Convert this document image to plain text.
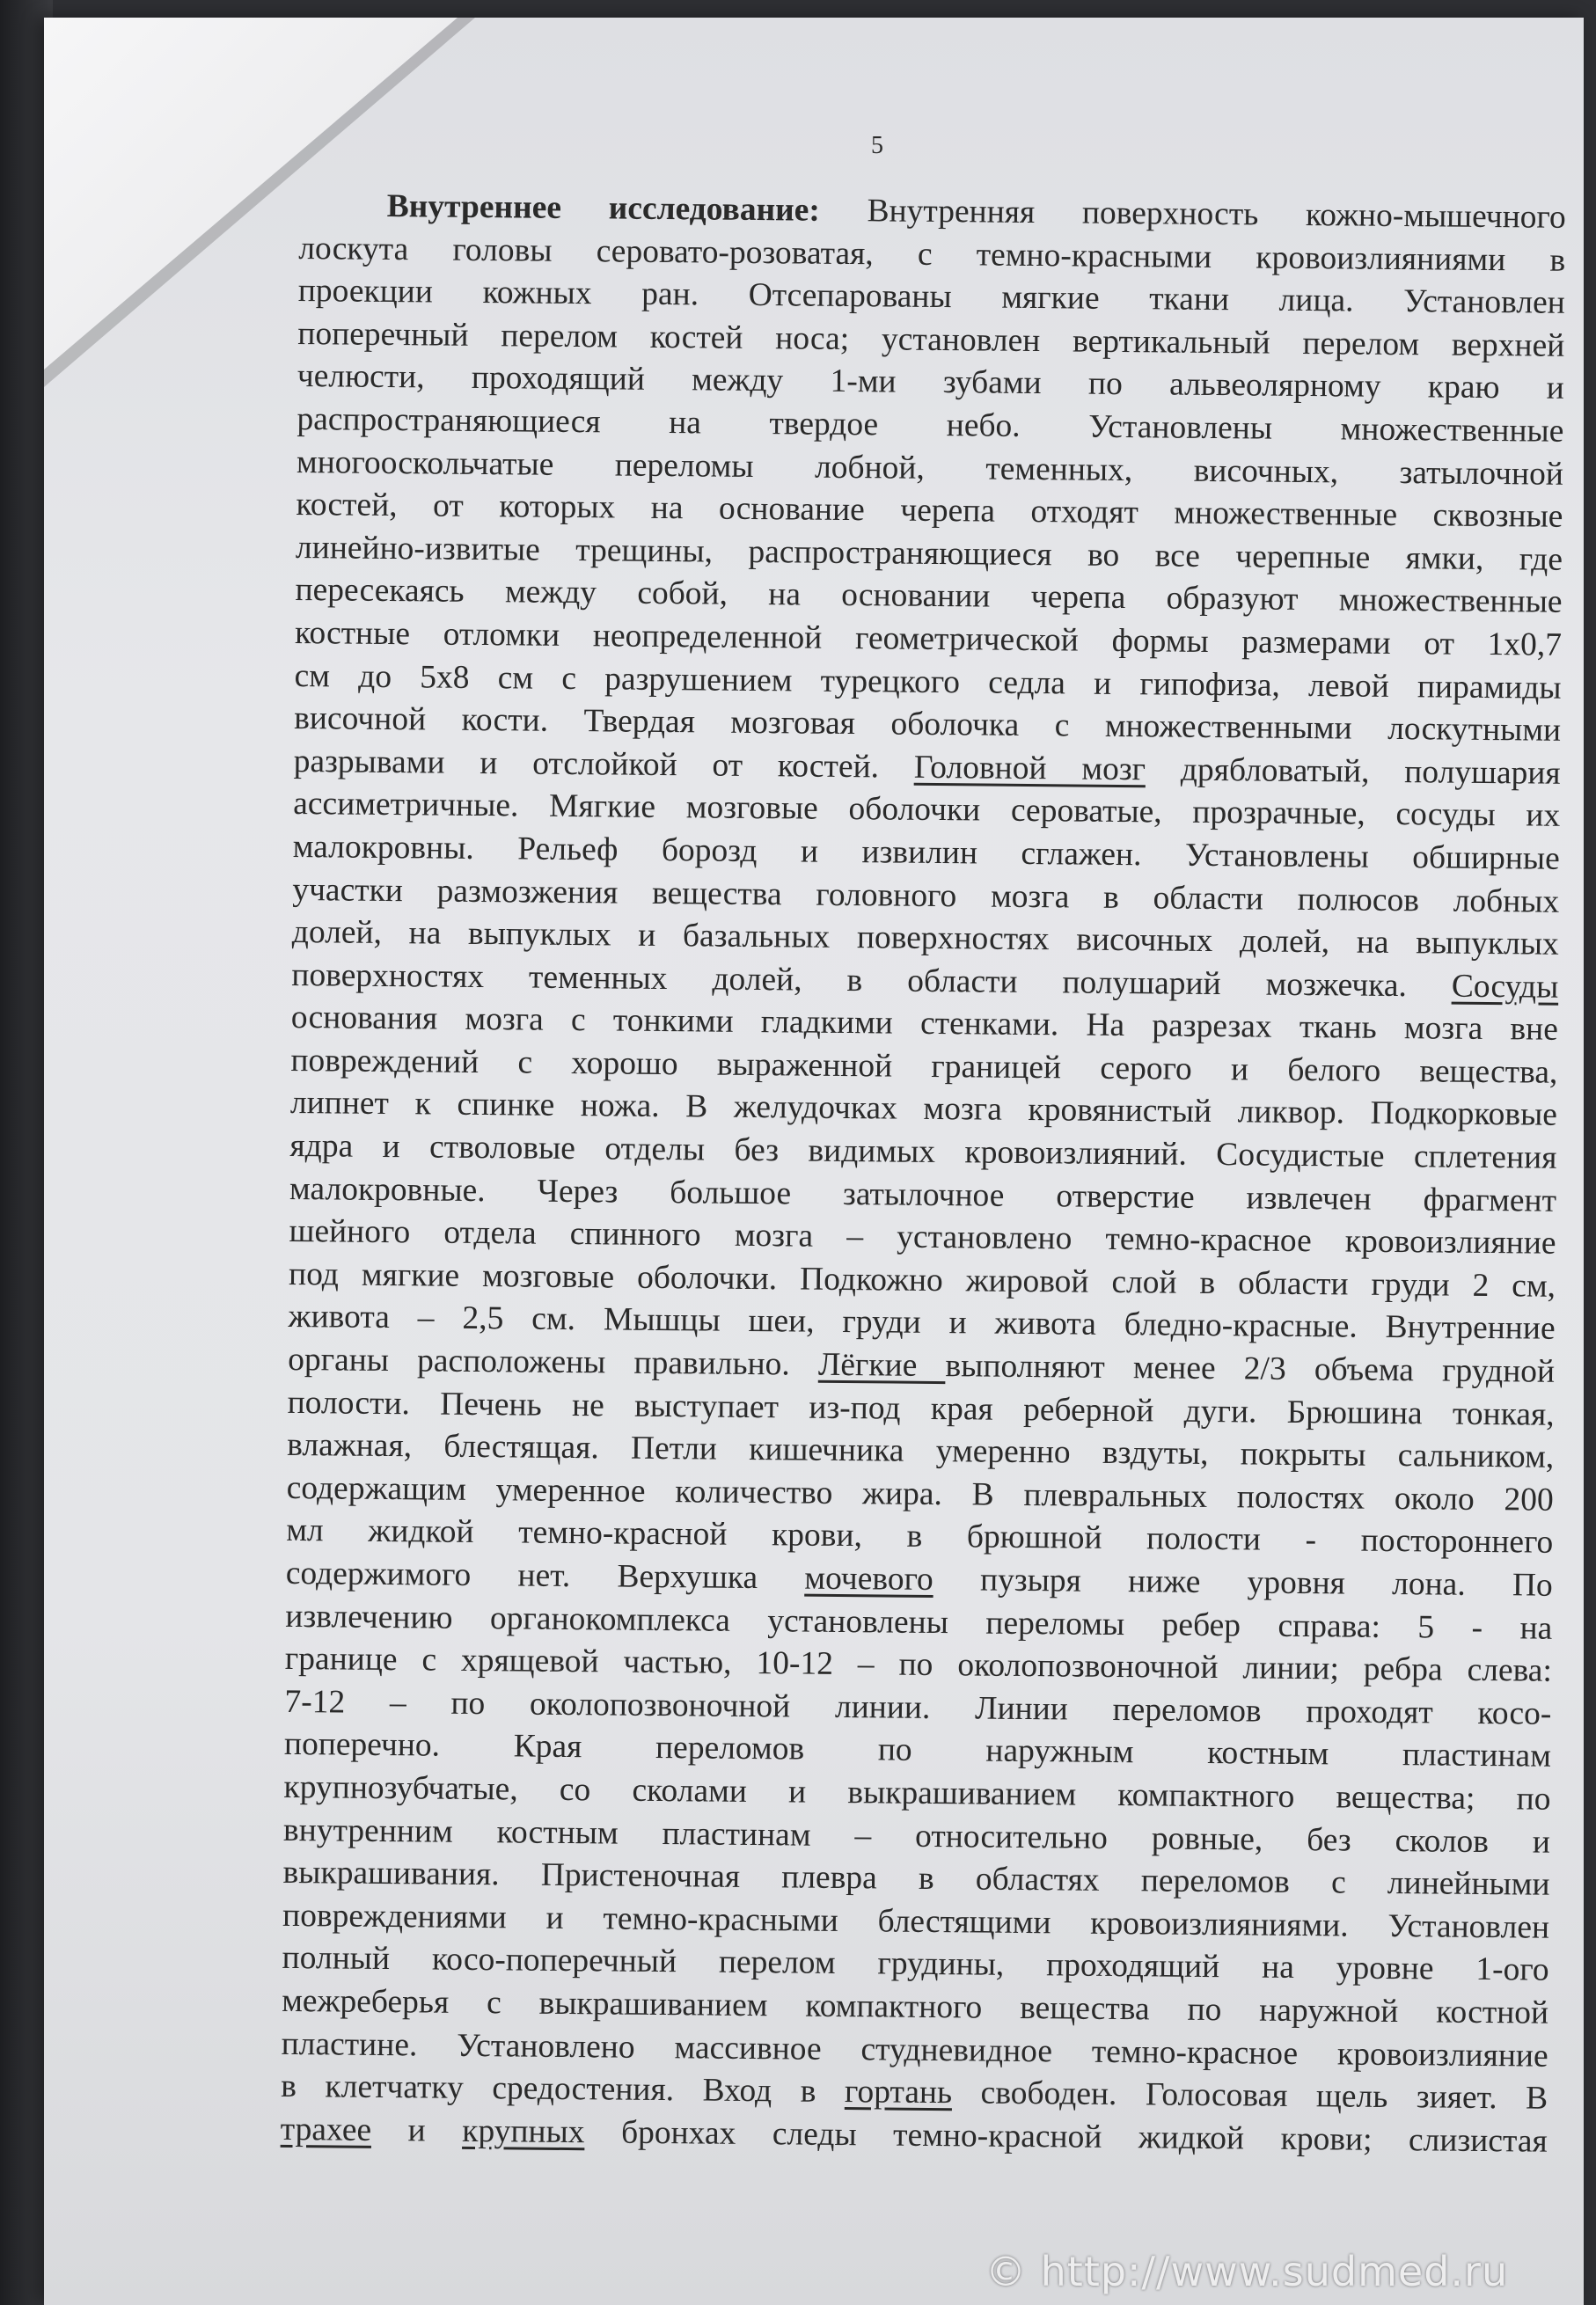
5
Внутреннее исследование: Внутренняя поверхность кожно-мышечного
лоскута головы серовато-розоватая, с темно-красными кровоизлияниями в
проекции кожных ран. Отсепарованы мягкие ткани лица. Установлен
поперечный перелом костей носа; установлен вертикальный перелом верхней
челюсти, проходящий между 1-ми зубами по альвеолярному краю и
распространяющиеся на твердое небо. Установлены множественные
многооскольчатые переломы лобной, теменных, височных, затылочной
костей, от которых на основание черепа отходят множественные сквозные
линейно-извитые трещины, распространяющиеся во все черепные ямки, где
пересекаясь между собой, на основании черепа образуют множественные
костные отломки неопределенной геометрической формы размерами от 1х0,7
см до 5х8 см с разрушением турецкого седла и гипофиза, левой пирамиды
височной кости. Твердая мозговая оболочка с множественными лоскутными
разрывами и отслойкой от костей. Головной мозг дрябловатый, полушария
ассиметричные. Мягкие мозговые оболочки сероватые, прозрачные, сосуды их
малокровны. Рельеф борозд и извилин сглажен. Установлены обширные
участки размозжения вещества головного мозга в области полюсов лобных
долей, на выпуклых и базальных поверхностях височных долей, на выпуклых
поверхностях теменных долей, в области полушарий мозжечка. Сосуды
основания мозга с тонкими гладкими стенками. На разрезах ткань мозга вне
повреждений с хорошо выраженной границей серого и белого вещества,
липнет к спинке ножа. В желудочках мозга кровянистый ликвор. Подкорковые
ядра и стволовые отделы без видимых кровоизлияний. Сосудистые сплетения
малокровные. Через большое затылочное отверстие извлечен фрагмент
шейного отдела спинного мозга – установлено темно-красное кровоизлияние
под мягкие мозговые оболочки. Подкожно жировой слой в области груди 2 см,
живота – 2,5 см. Мышцы шеи, груди и живота бледно-красные. Внутренние
органы расположены правильно. Лёгкие выполняют менее 2/3 объема грудной
полости. Печень не выступает из-под края реберной дуги. Брюшина тонкая,
влажная, блестящая. Петли кишечника умеренно вздуты, покрыты сальником,
содержащим умеренное количество жира. В плевральных полостях около 200
мл жидкой темно-красной крови, в брюшной полости - постороннего
содержимого нет. Верхушка мочевого пузыря ниже уровня лона. По
извлечению органокомплекса установлены переломы ребер справа: 5 - на
границе с хрящевой частью, 10-12 – по околопозвоночной линии; ребра слева:
7-12 – по околопозвоночной линии. Линии переломов проходят косо-
поперечно. Края переломов по наружным костным пластинам
крупнозубчатые, со сколами и выкрашиванием компактного вещества; по
внутренним костным пластинам – относительно ровные, без сколов и
выкрашивания. Пристеночная плевра в областях переломов с линейными
повреждениями и темно-красными блестящими кровоизлияниями. Установлен
полный косо-поперечный перелом грудины, проходящий на уровне 1-ого
межреберья с выкрашиванием компактного вещества по наружной костной
пластине. Установлено массивное студневидное темно-красное кровоизлияние
в клетчатку средостения. Вход в гортань свободен. Голосовая щель зияет. В
трахее и крупных бронхах следы темно-красной жидкой крови; слизистая
© http://www.sudmed.ru
